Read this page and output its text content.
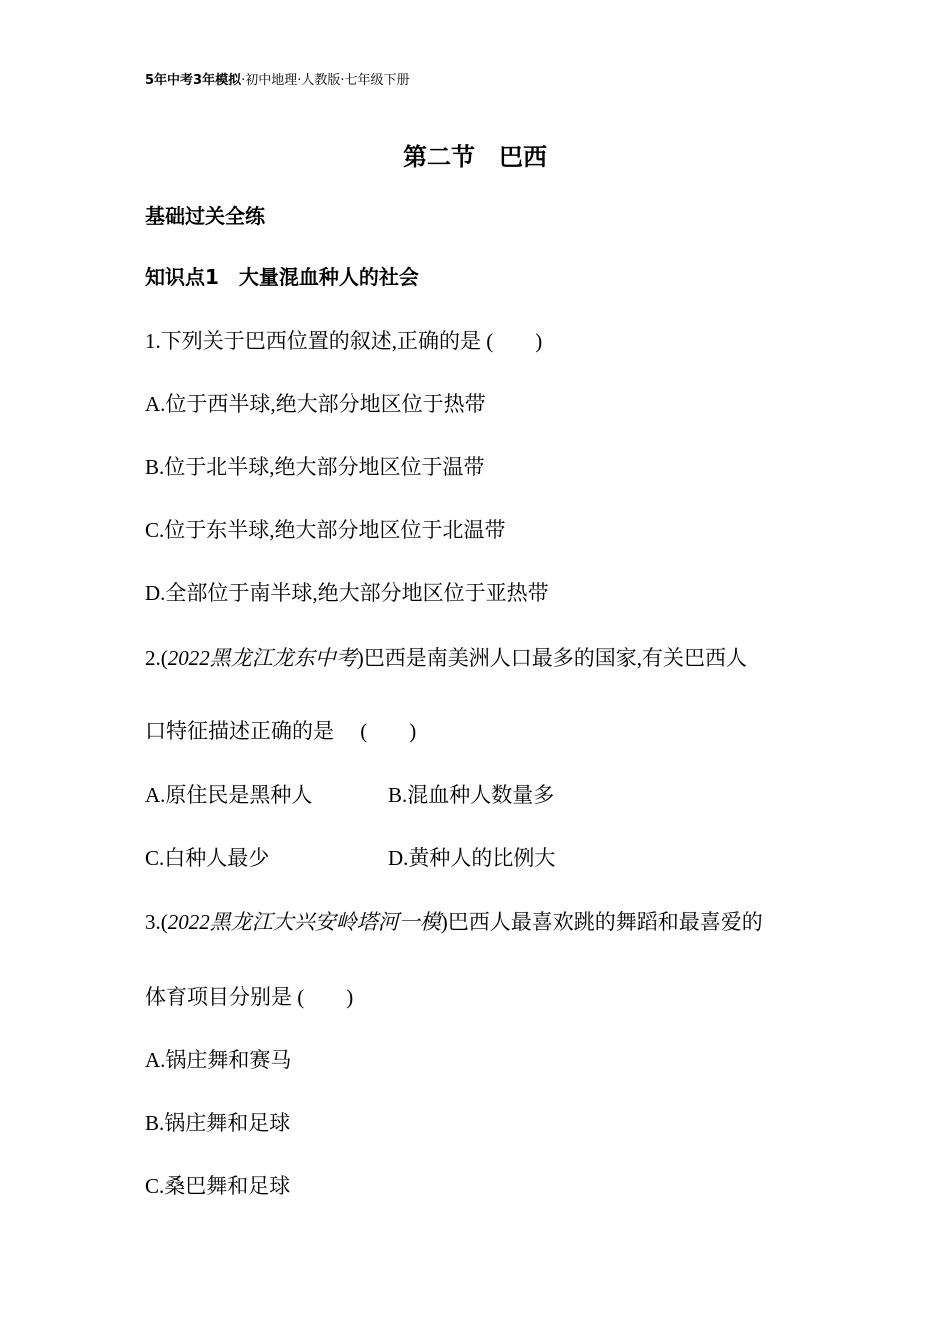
5年中考3年模拟·初中地理·人教版·七年级下册
第二节　巴西
基础过关全练
知识点1　大量混血种人的社会
1.下列关于巴西位置的叙述,正确的是 (　　)
A.位于西半球,绝大部分地区位于热带
B.位于北半球,绝大部分地区位于温带
C.位于东半球,绝大部分地区位于北温带
D.全部位于南半球,绝大部分地区位于亚热带
2.(2022黑龙江龙东中考)巴西是南美洲人口最多的国家,有关巴西人
口特征描述正确的是　 (　　)
A.原住民是黑种人	B.混血种人数量多
C.白种人最少	D.黄种人的比例大
3.(2022黑龙江大兴安岭塔河一模)巴西人最喜欢跳的舞蹈和最喜爱的
体育项目分别是 (　　)
A.锅庄舞和赛马
B.锅庄舞和足球
C.桑巴舞和足球
